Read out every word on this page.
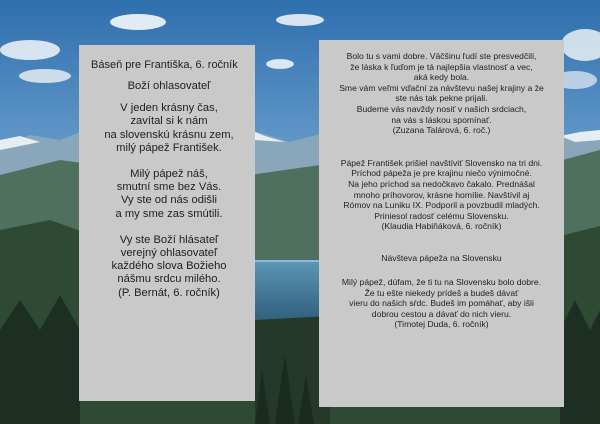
Báseň pre Františka, 6. ročník
Boží ohlasovateľ
V jeden krásny čas,
zavítal si k nám
na slovenskú krásnu zem,
milý pápež František.
Milý pápež náš,
smutní sme bez Vás.
Vy ste od nás odišli
a my sme zas smútili.
Vy ste Boží hlásateľ
verejný ohlasovateľ
každého slova Božieho
nášmu srdcu milého.
(P. Bernát, 6. ročník)
Bolo tu s vami dobre. Väčšinu ľudí ste presvedčili,
že láska k ľuďom je tá najlepšia vlastnosť a vec,
aká kedy bola.
Sme vám veľmi vďační za návštevu našej krajiny a že
ste nás tak pekne prijali.
Budeme vás navždy nosiť v našich srdciach,
na vás s láskou spomínať.
(Zuzana Talárová, 6. roč.)
Pápež František prišiel navštíviť Slovensko na tri dni.
Príchod pápeža je pre krajinu niečo výnimočné.
Na jeho príchod sa nedočkavo čakalo. Prednášal
mnoho príhovorov, krásne homílie. Navštívil aj
Rómov na Luniku IX. Podporil a povzbudil mladých.
Priniesol radosť celému Slovensku.
(Klaudia Habiňáková, 6. ročník)
Návšteva pápeža na Slovensku
Milý pápež, dúfam, že ti tu na Slovensku bolo dobre.
Že tu ešte niekedy prídeš a budeš dávať
vieru do našich sŕdc. Budeš im pomáhať, aby išli
dobrou cestou a dávať do nich vieru.
(Timotej Duda, 6. ročník)
